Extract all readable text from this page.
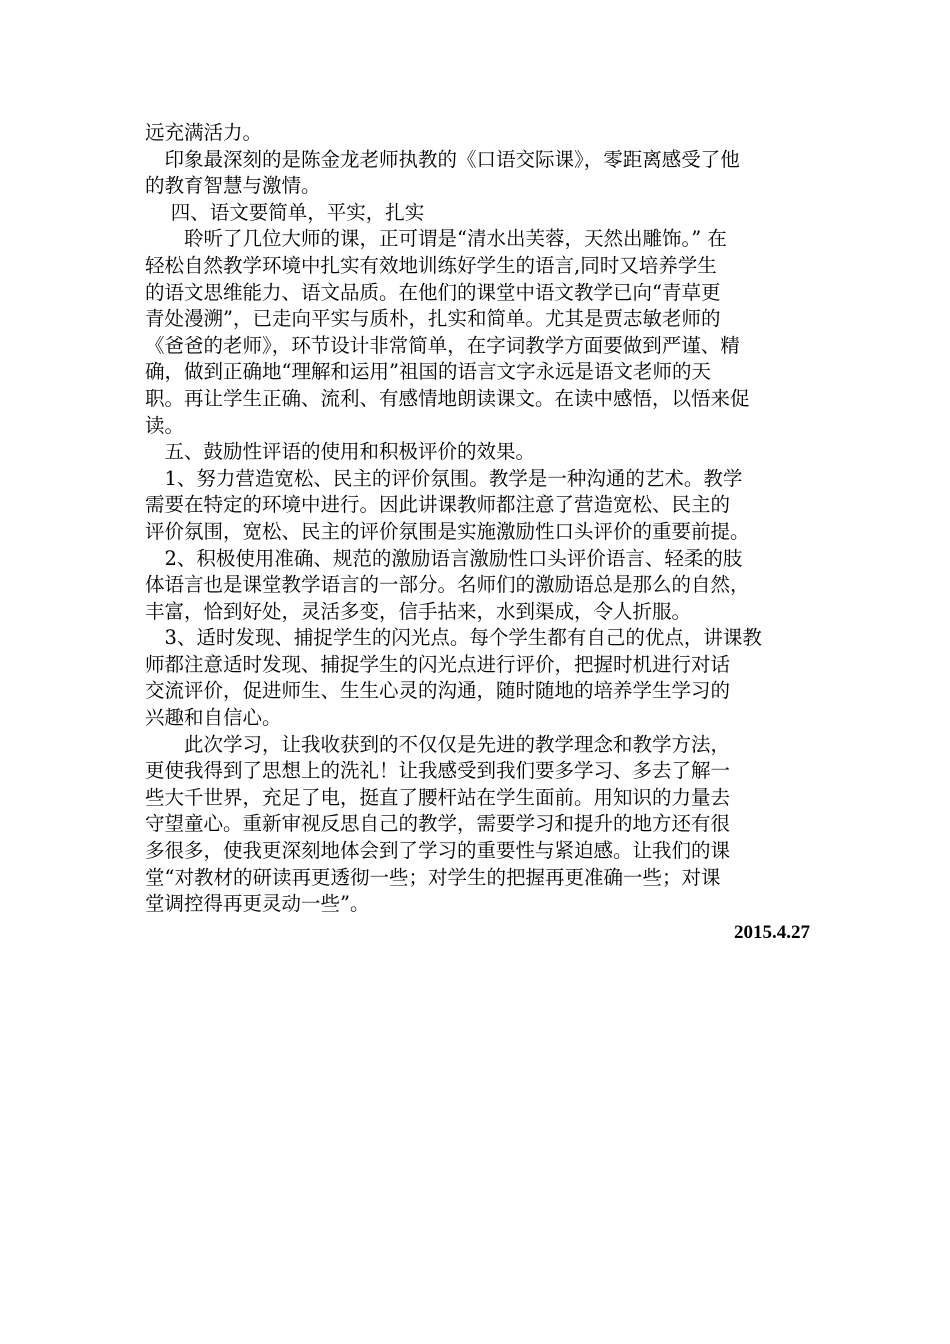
远充满活力。
　印象最深刻的是陈金龙老师执教的《口语交际课》，零距离感受了他
的教育智慧与激情。
　 四、语文要简单，平实，扎实
　　聆听了几位大师的课，正可谓是“清水出芙蓉，天然出雕饰。” 在
轻松自然教学环境中扎实有效地训练好学生的语言,同时又培养学生
的语文思维能力、语文品质。在他们的课堂中语文教学已向“青草更
青处漫溯”，已走向平实与质朴，扎实和简单。尤其是贾志敏老师的
《爸爸的老师》，环节设计非常简单，在字词教学方面要做到严谨、精
确，做到正确地“理解和运用”祖国的语言文字永远是语文老师的天
职。再让学生正确、流利、有感情地朗读课文。在读中感悟，以悟来促
读。
　五、鼓励性评语的使用和积极评价的效果。
　1、努力营造宽松、民主的评价氛围。教学是一种沟通的艺术。教学
需要在特定的环境中进行。因此讲课教师都注意了营造宽松、民主的
评价氛围，宽松、民主的评价氛围是实施激励性口头评价的重要前提。
　2、积极使用准确、规范的激励语言激励性口头评价语言、轻柔的肢
体语言也是课堂教学语言的一部分。名师们的激励语总是那么的自然，
丰富，恰到好处，灵活多变，信手拈来，水到渠成，令人折服。
　3、适时发现、捕捉学生的闪光点。每个学生都有自己的优点，讲课教
师都注意适时发现、捕捉学生的闪光点进行评价，把握时机进行对话
交流评价，促进师生、生生心灵的沟通，随时随地的培养学生学习的
兴趣和自信心。
　　此次学习，让我收获到的不仅仅是先进的教学理念和教学方法，
更使我得到了思想上的洗礼！让我感受到我们要多学习、多去了解一
些大千世界，充足了电，挺直了腰杆站在学生面前。用知识的力量去
守望童心。重新审视反思自己的教学，需要学习和提升的地方还有很
多很多，使我更深刻地体会到了学习的重要性与紧迫感。让我们的课
堂“对教材的研读再更透彻一些；对学生的把握再更准确一些；对课
堂调控得再更灵动一些”。
2015.4.27
